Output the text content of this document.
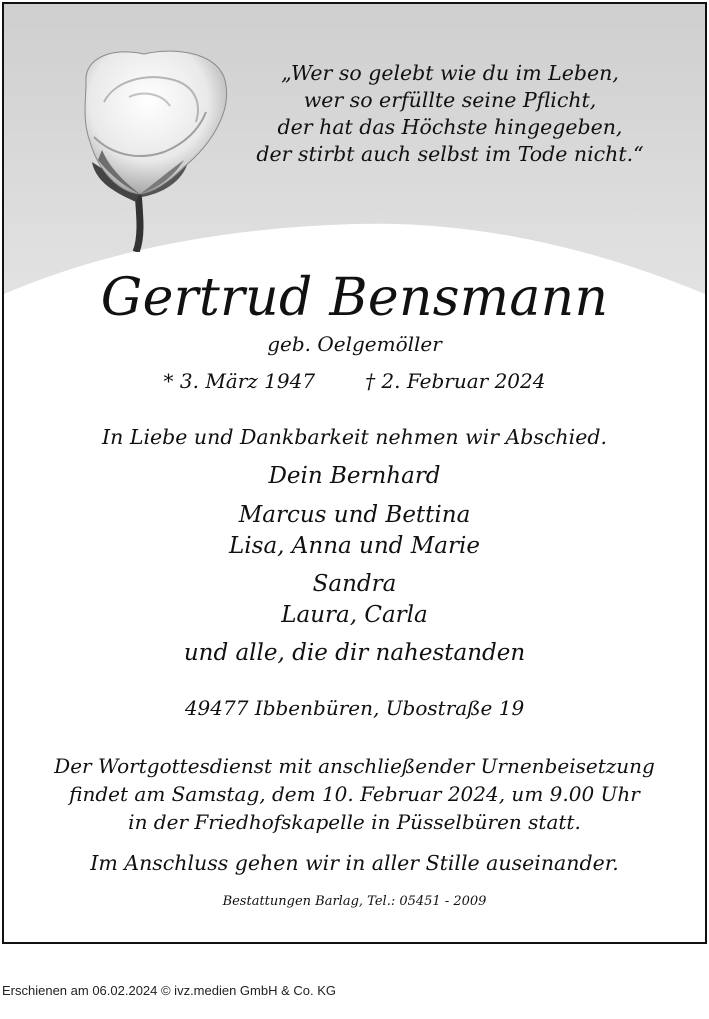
„Wer so gelebt wie du im Leben,
wer so erfüllte seine Pflicht,
der hat das Höchste hingegeben,
der stirbt auch selbst im Tode nicht.“
Gertrud Bensmann
geb. Oelgemöller
* 3. März 1947	† 2. Februar 2024
In Liebe und Dankbarkeit nehmen wir Abschied.
Dein Bernhard
Marcus und Bettina
Lisa, Anna und Marie
Sandra
Laura, Carla
und alle, die dir nahestanden
49477 Ibbenbüren, Ubostraße 19
Der Wortgottesdienst mit anschließender Urnenbeisetzung
findet am Samstag, dem 10. Februar 2024, um 9.00 Uhr
in der Friedhofskapelle in Püsselbüren statt.
Im Anschluss gehen wir in aller Stille auseinander.
Bestattungen Barlag, Tel.: 05451 - 2009
Erschienen am 06.02.2024 © ivz.medien GmbH & Co. KG
